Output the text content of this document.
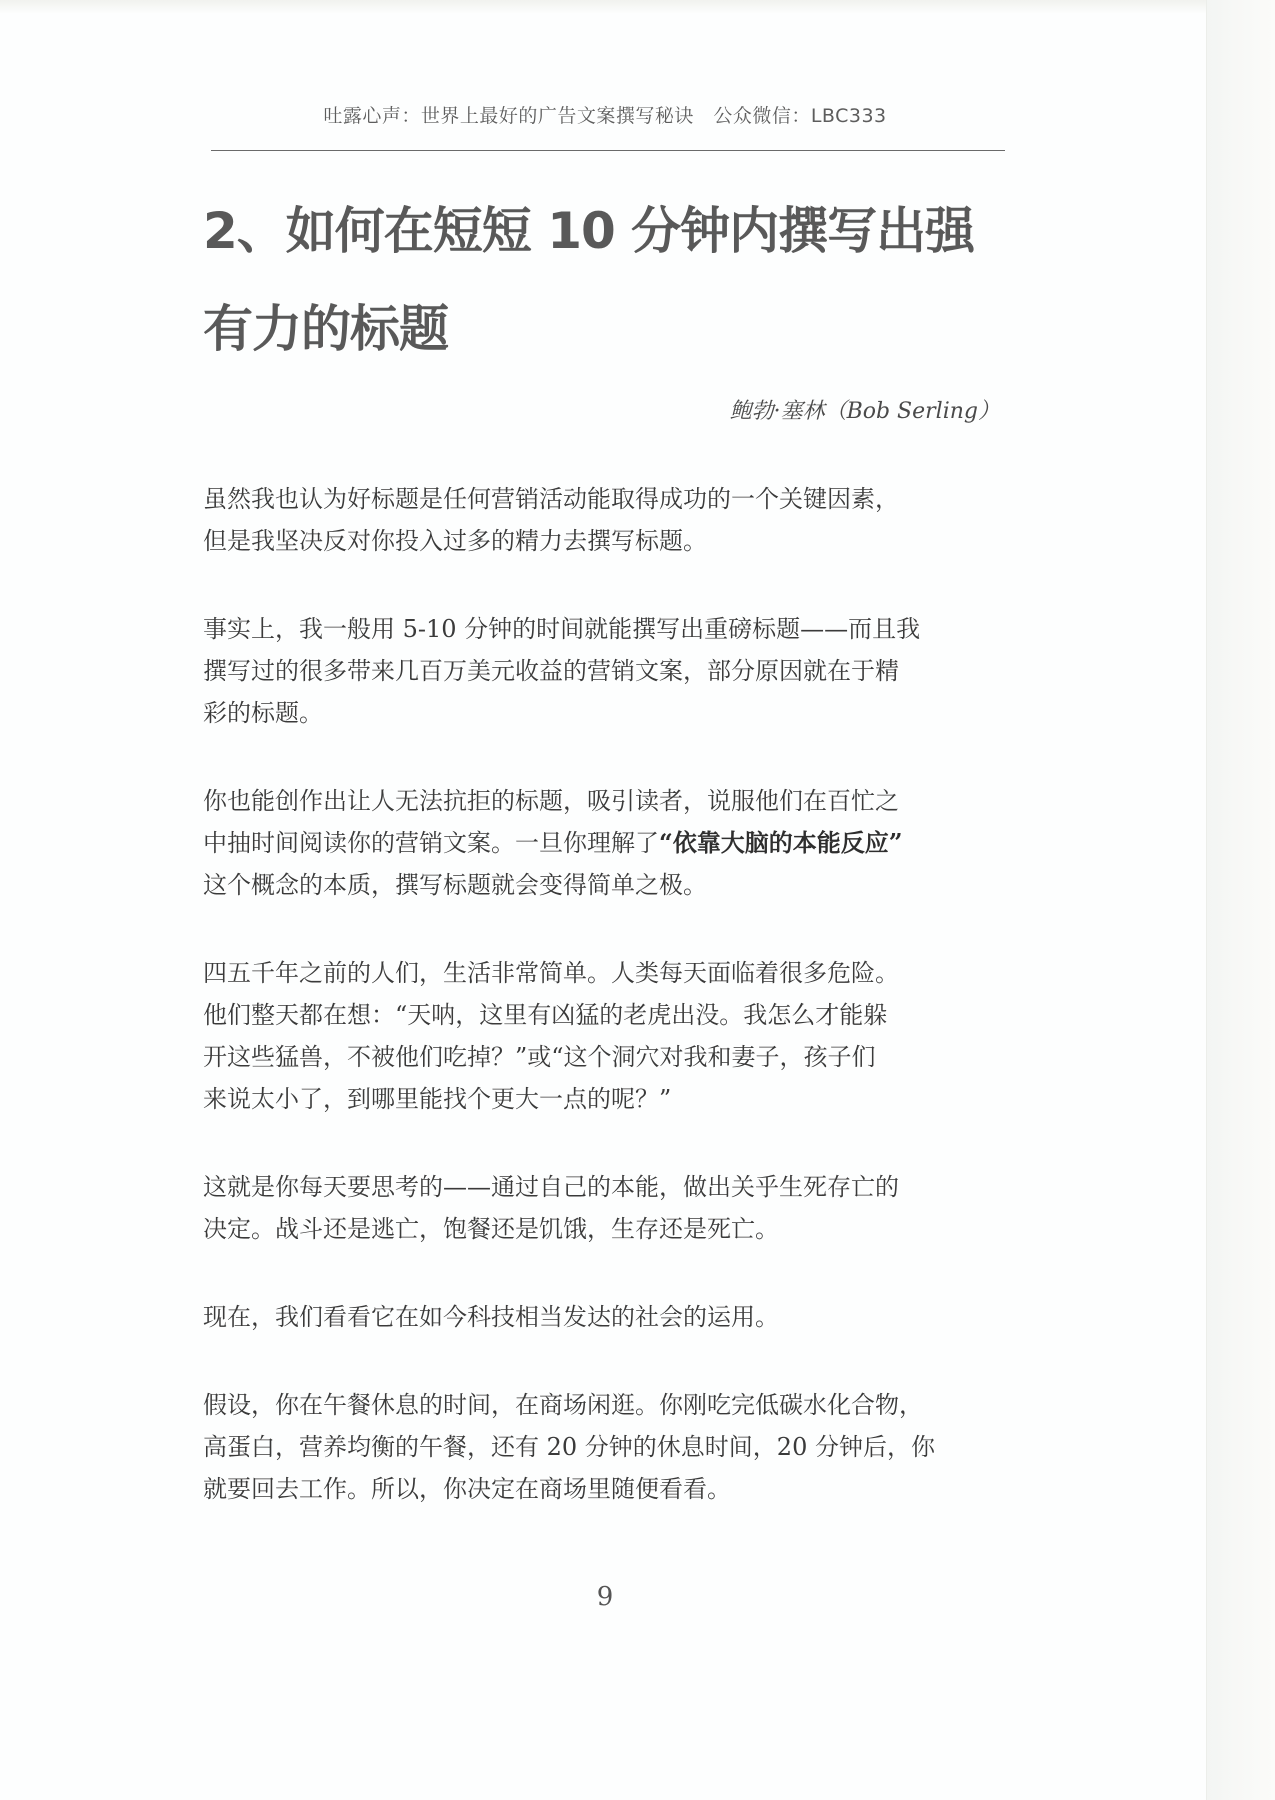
吐露心声：世界上最好的广告文案撰写秘诀　公众微信：LBC333
2、如何在短短 10 分钟内撰写出强
有力的标题
鲍勃·塞林（Bob Serling）

虽然我也认为好标题是任何营销活动能取得成功的一个关键因素，
但是我坚决反对你投入过多的精力去撰写标题。

事实上，我一般用 5-10 分钟的时间就能撰写出重磅标题——而且我
撰写过的很多带来几百万美元收益的营销文案，部分原因就在于精
彩的标题。

你也能创作出让人无法抗拒的标题，吸引读者，说服他们在百忙之
中抽时间阅读你的营销文案。一旦你理解了“依靠大脑的本能反应”
这个概念的本质，撰写标题就会变得简单之极。

四五千年之前的人们，生活非常简单。人类每天面临着很多危险。
他们整天都在想：“天呐，这里有凶猛的老虎出没。我怎么才能躲
开这些猛兽，不被他们吃掉？”或“这个洞穴对我和妻子，孩子们
来说太小了，到哪里能找个更大一点的呢？”

这就是你每天要思考的——通过自己的本能，做出关乎生死存亡的
决定。战斗还是逃亡，饱餐还是饥饿，生存还是死亡。

现在，我们看看它在如今科技相当发达的社会的运用。

假设，你在午餐休息的时间，在商场闲逛。你刚吃完低碳水化合物，
高蛋白，营养均衡的午餐，还有 20 分钟的休息时间，20 分钟后，你
就要回去工作。所以，你决定在商场里随便看看。

9
